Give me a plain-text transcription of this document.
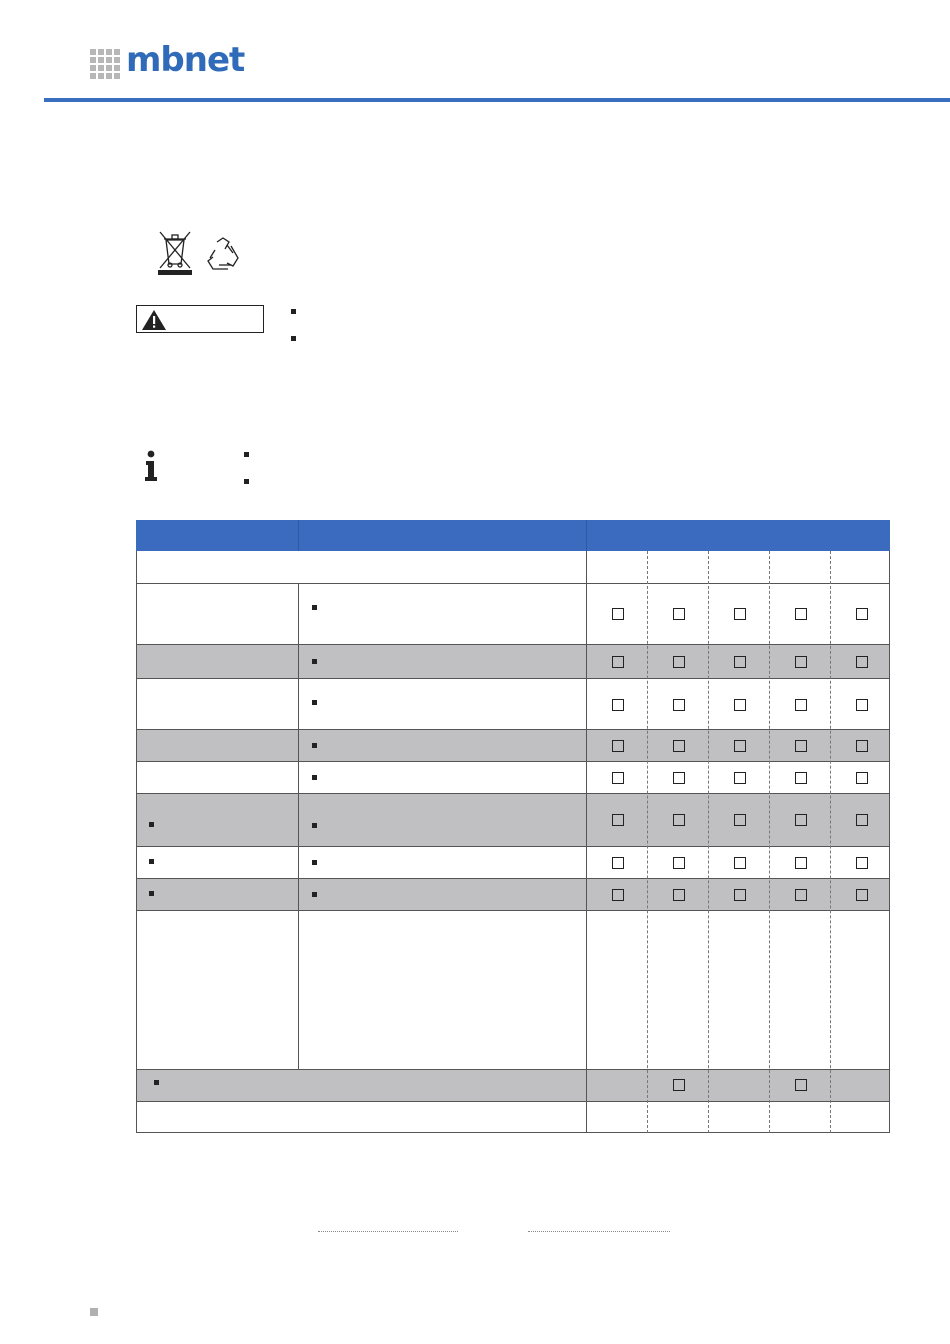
mbnet
